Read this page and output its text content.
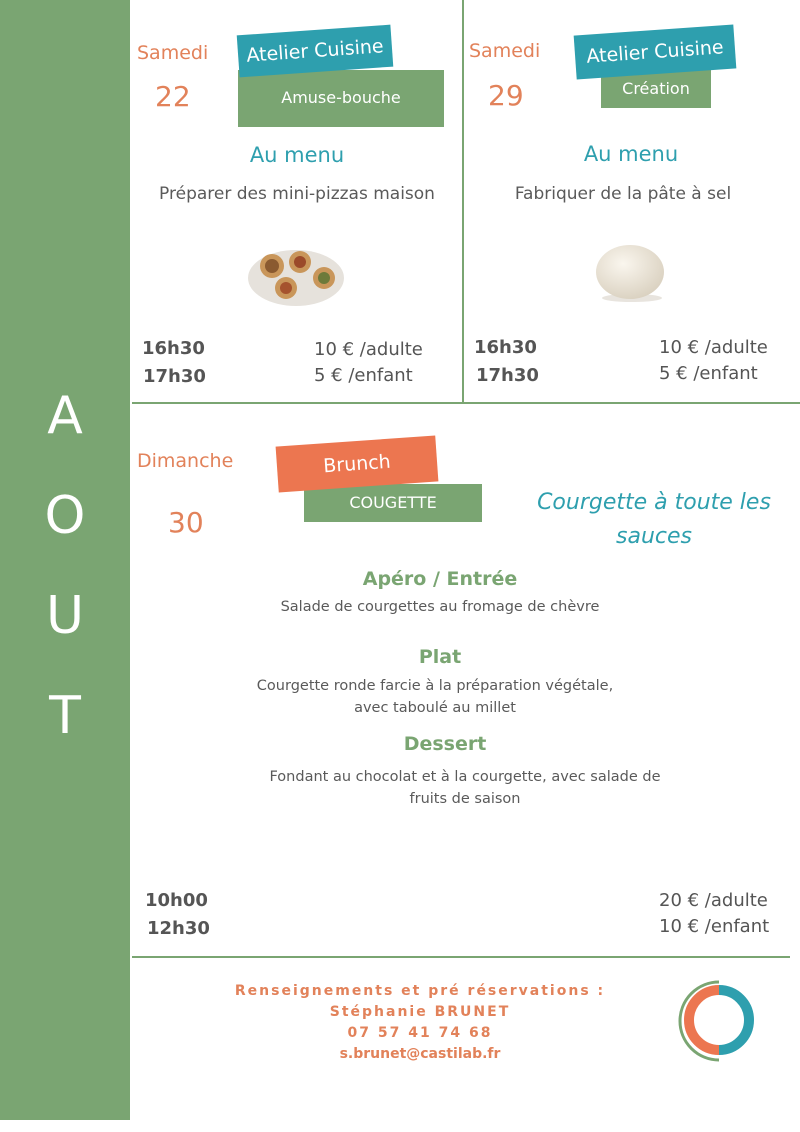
A
O
U
T
Samedi
22	Amuse-bouche
Atelier Cuisine
Au menu
Préparer des mini-pizzas maison
16h30
17h30
10 € /adulte
5 € /enfant
Samedi
29	Création
Atelier Cuisine
Au menu
Fabriquer de la pâte à sel
16h30
17h30
10 € /adulte
5 € /enfant
Dimanche
30
COUGETTE
Brunch
Courgette à toute les
sauces
Apéro / Entrée
Salade de courgettes au fromage de chèvre
Plat
Courgette ronde farcie à la préparation végétale,
avec taboulé au millet
Dessert
Fondant au chocolat et à la courgette, avec salade de
fruits de saison
10h00
12h30
20 € /adulte
10 € /enfant
Renseignements et pré réservations :
Stéphanie BRUNET
07 57 41 74 68
s.brunet@castilab.fr
